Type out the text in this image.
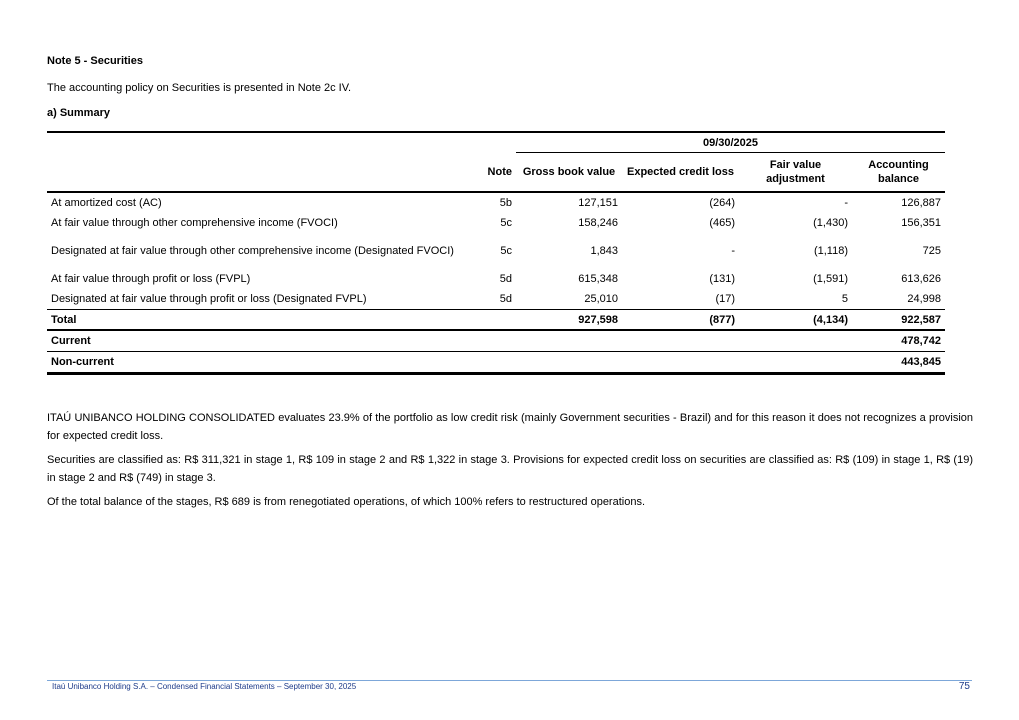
Note 5 - Securities
The accounting policy on Securities is presented in Note 2c IV.
a) Summary

		09/30/2025			
	Note	Gross book value	Expected credit loss	Fair value adjustment	Accounting balance
At amortized cost (AC)	5b	127,151	(264)	-	126,887
At fair value through other comprehensive income (FVOCI)	5c	158,246	(465)	(1,430)	156,351
Designated at fair value through other comprehensive income (Designated FVOCI)	5c	1,843	-	(1,118)	725
At fair value through profit or loss (FVPL)	5d	615,348	(131)	(1,591)	613,626
Designated at fair value through profit or loss (Designated FVPL)	5d	25,010	(17)	5	24,998
Total		927,598	(877)	(4,134)	922,587
Current					478,742
Non-current					443,845
ITAÚ UNIBANCO HOLDING CONSOLIDATED evaluates 23.9% of the portfolio as low credit risk (mainly Government securities - Brazil) and for this reason it does not recognizes a provision for expected credit loss.
Securities are classified as: R$ 311,321 in stage 1, R$ 109 in stage 2 and R$ 1,322 in stage 3. Provisions for expected credit loss on securities are classified as: R$ (109) in stage 1, R$ (19) in stage 2 and R$ (749) in stage 3.
Of the total balance of the stages, R$ 689 is from renegotiated operations, of which 100% refers to restructured operations.
Itaú Unibanco Holding S.A. – Condensed Financial Statements – September 30, 2025	75
